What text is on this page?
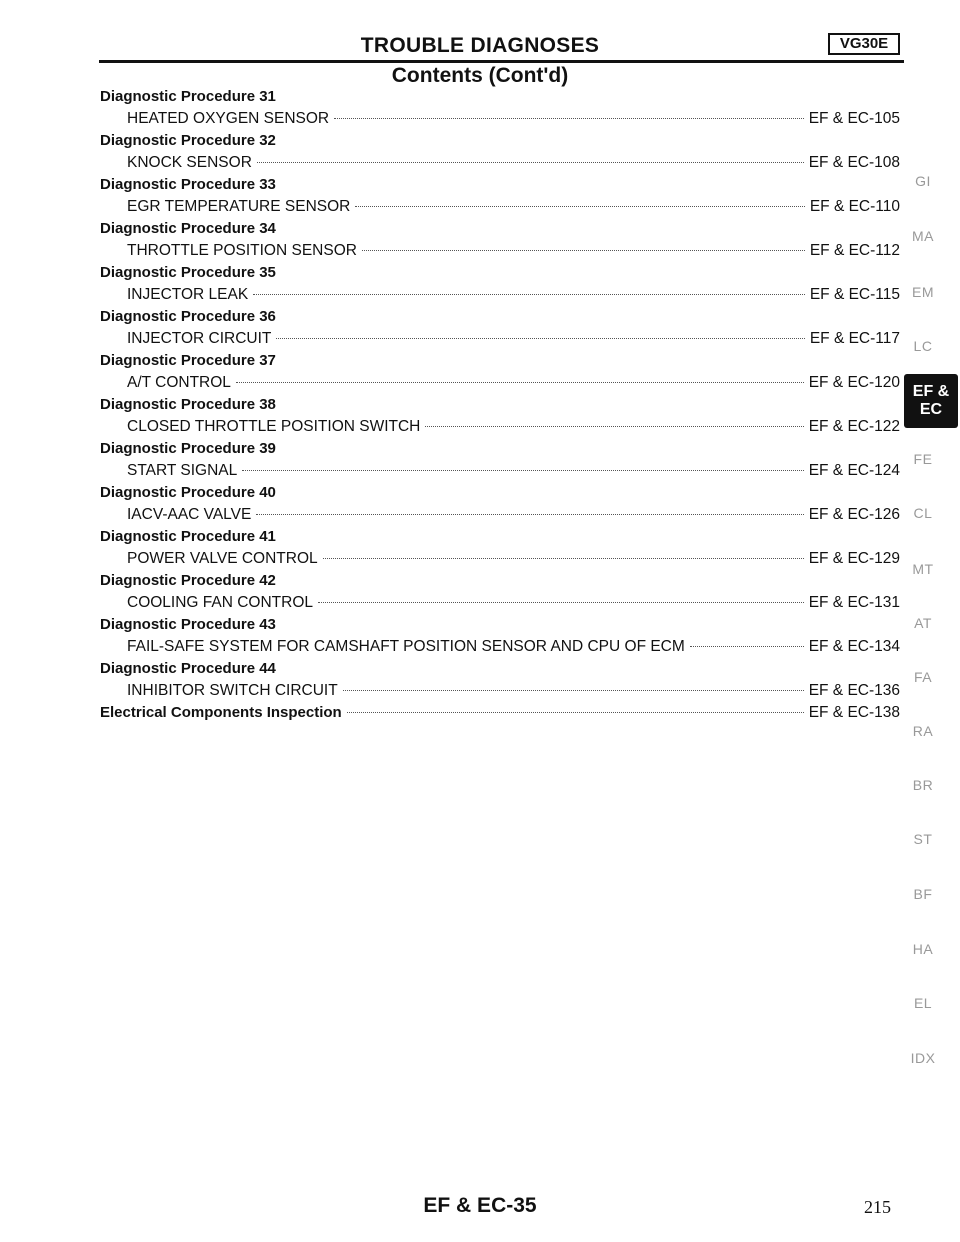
TROUBLE DIAGNOSES	VG30E
Contents (Cont'd)
Diagnostic Procedure 31
HEATED OXYGEN SENSOR	EF & EC-105
Diagnostic Procedure 32
KNOCK SENSOR	EF & EC-108
Diagnostic Procedure 33
EGR TEMPERATURE SENSOR	EF & EC-110
Diagnostic Procedure 34
THROTTLE POSITION SENSOR	EF & EC-112
Diagnostic Procedure 35
INJECTOR LEAK	EF & EC-115
Diagnostic Procedure 36
INJECTOR CIRCUIT	EF & EC-117
Diagnostic Procedure 37
A/T CONTROL	EF & EC-120
Diagnostic Procedure 38
CLOSED THROTTLE POSITION SWITCH	EF & EC-122
Diagnostic Procedure 39
START SIGNAL	EF & EC-124
Diagnostic Procedure 40
IACV-AAC VALVE	EF & EC-126
Diagnostic Procedure 41
POWER VALVE CONTROL	EF & EC-129
Diagnostic Procedure 42
COOLING FAN CONTROL	EF & EC-131
Diagnostic Procedure 43
FAIL-SAFE SYSTEM FOR CAMSHAFT POSITION SENSOR AND CPU OF ECM	EF & EC-134
Diagnostic Procedure 44
INHIBITOR SWITCH CIRCUIT	EF & EC-136
Electrical Components Inspection	EF & EC-138
GI
MA
EM
LC
FE
CL
MT
AT
FA
RA
BR
ST
BF
HA
EL
IDX
EF &
EC
EF & EC-35	215
